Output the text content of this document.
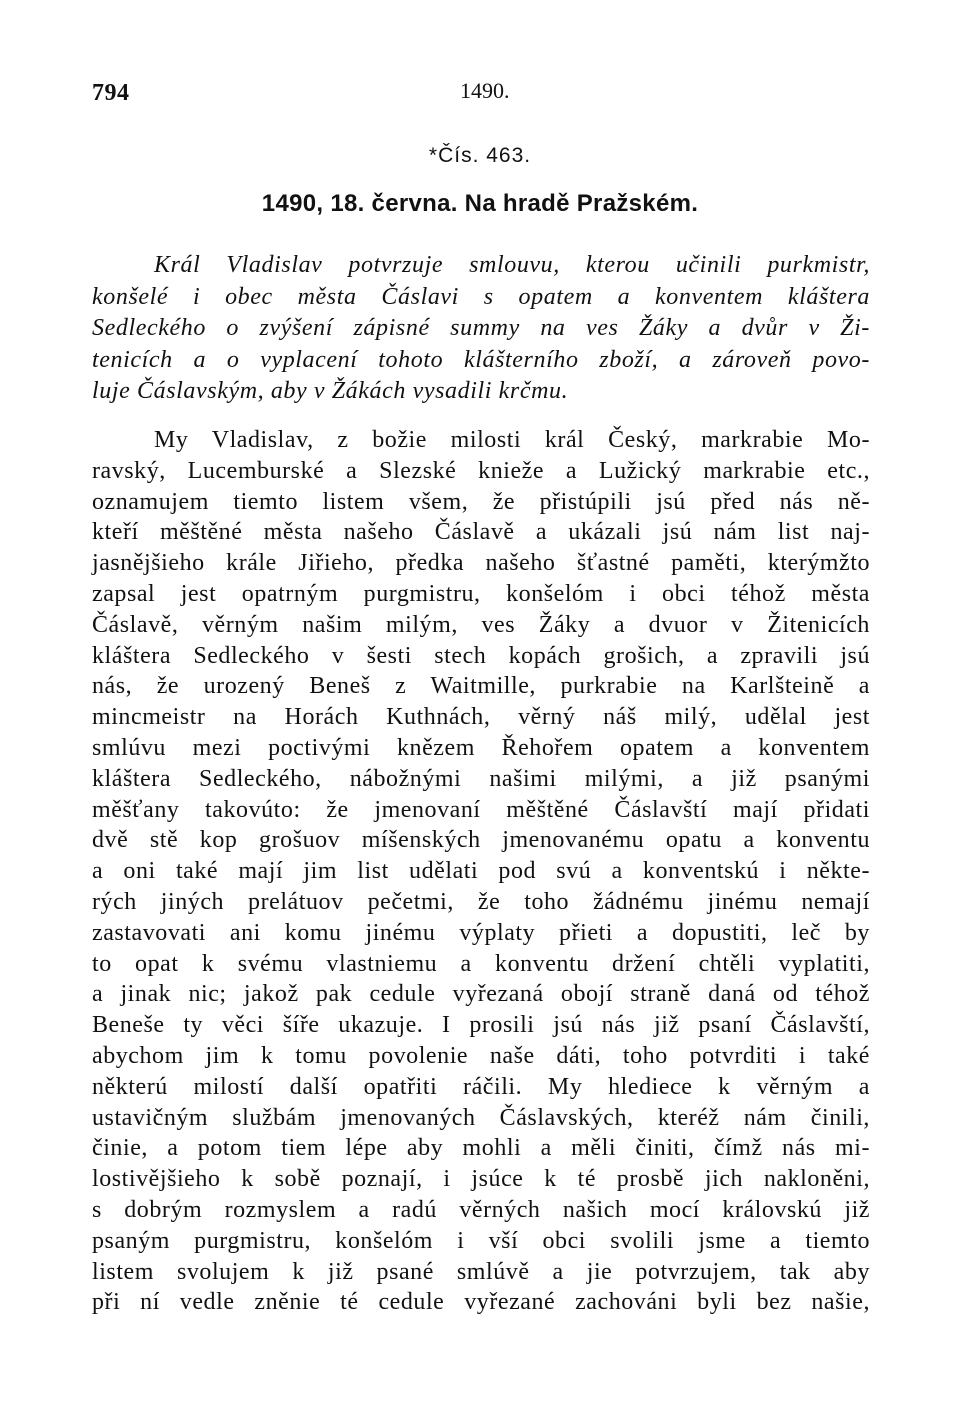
794	1490.
*Čís. 463.
1490, 18. června. Na hradě Pražském.
Král Vladislav potvrzuje smlouvu, kterou učinili purkmistr,
konšelé i obec města Čáslavi s opatem a konventem kláštera
Sedleckého o zvýšení zápisné summy na ves Žáky a dvůr v Ži-
tenicích a o vyplacení tohoto klášterního zboží, a zároveň povo-
luje Čáslavským, aby v Žákách vysadili krčmu.
My Vladislav, z božie milosti král Český, markrabie Mo-
ravský, Lucemburské a Slezské knieže a Lužický markrabie etc.,
oznamujem tiemto listem všem, že přistúpili jsú před nás ně-
kteří měštěné města našeho Čáslavě a ukázali jsú nám list naj-
jasnějšieho krále Jiřieho, předka našeho šťastné paměti, kterýmžto
zapsal jest opatrným purgmistru, konšelóm i obci téhož města
Čáslavě, věrným našim milým, ves Žáky a dvuor v Žitenicích
kláštera Sedleckého v šesti stech kopách grošich, a zpravili jsú
nás, že urozený Beneš z Waitmille, purkrabie na Karlšteině a
mincmeistr na Horách Kuthnách, věrný náš milý, udělal jest
smlúvu mezi poctivými knězem Řehořem opatem a konventem
kláštera Sedleckého, nábožnými našimi milými, a již psanými
měšťany takovúto: že jmenovaní měštěné Čáslavští mají přidati
dvě stě kop grošuov míšenských jmenovanému opatu a konventu
a oni také mají jim list udělati pod svú a konventskú i někte-
rých jiných prelátuov pečetmi, že toho žádnému jinému nemají
zastavovati ani komu jinému výplaty přieti a dopustiti, leč by
to opat k svému vlastniemu a konventu držení chtěli vyplatiti,
a jinak nic; jakož pak cedule vyřezaná obojí straně daná od téhož
Beneše ty věci šíře ukazuje. I prosili jsú nás již psaní Čáslavští,
abychom jim k tomu povolenie naše dáti, toho potvrditi i také
některú milostí další opatřiti ráčili. My hlediece k věrným a
ustavičným službám jmenovaných Čáslavských, kteréž nám činili,
činie, a potom tiem lépe aby mohli a měli činiti, čímž nás mi-
lostivějšieho k sobě poznají, i jsúce k té prosbě jich nakloněni,
s dobrým rozmyslem a radú věrných našich mocí královskú již
psaným purgmistru, konšelóm i vší obci svolili jsme a tiemto
listem svolujem k již psané smlúvě a jie potvrzujem, tak aby
při ní vedle zněnie té cedule vyřezané zachováni byli bez našie,
